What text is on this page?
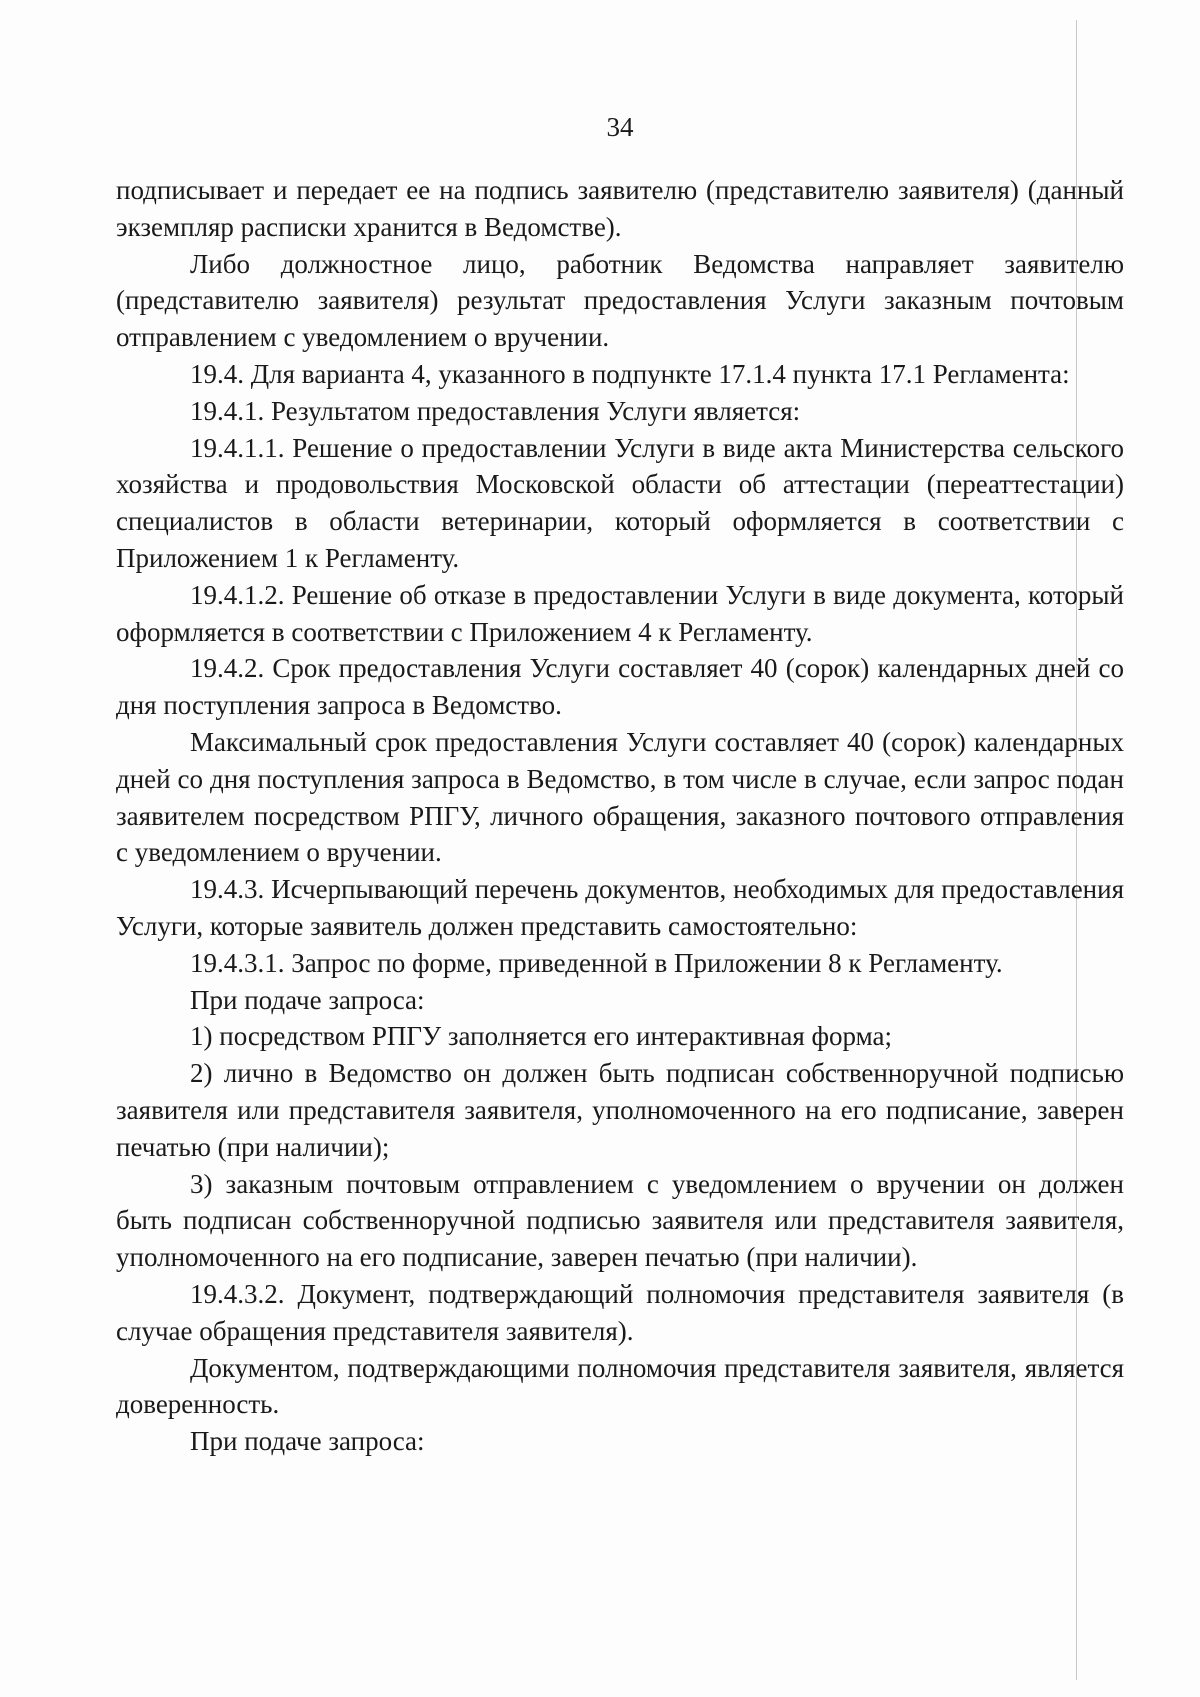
34

подписывает и передает ее на подпись заявителю (представителю заявителя) (данный экземпляр расписки хранится в Ведомстве).

Либо должностное лицо, работник Ведомства направляет заявителю (представителю заявителя) результат предоставления Услуги заказным почтовым отправлением с уведомлением о вручении.

19.4. Для варианта 4, указанного в подпункте 17.1.4 пункта 17.1 Регламента:

19.4.1. Результатом предоставления Услуги является:

19.4.1.1. Решение о предоставлении Услуги в виде акта Министерства сельского хозяйства и продовольствия Московской области об аттестации (переаттестации) специалистов в области ветеринарии, который оформляется в соответствии с Приложением 1 к Регламенту.

19.4.1.2. Решение об отказе в предоставлении Услуги в виде документа, который оформляется в соответствии с Приложением 4 к Регламенту.

19.4.2. Срок предоставления Услуги составляет 40 (сорок) календарных дней со дня поступления запроса в Ведомство.

Максимальный срок предоставления Услуги составляет 40 (сорок) календарных дней со дня поступления запроса в Ведомство, в том числе в случае, если запрос подан заявителем посредством РПГУ, личного обращения, заказного почтового отправления с уведомлением о вручении.

19.4.3. Исчерпывающий перечень документов, необходимых для предоставления Услуги, которые заявитель должен представить самостоятельно:

19.4.3.1. Запрос по форме, приведенной в Приложении 8 к Регламенту.

При подаче запроса:

1) посредством РПГУ заполняется его интерактивная форма;

2) лично в Ведомство он должен быть подписан собственноручной подписью заявителя или представителя заявителя, уполномоченного на его подписание, заверен печатью (при наличии);

3) заказным почтовым отправлением с уведомлением о вручении он должен быть подписан собственноручной подписью заявителя или представителя заявителя, уполномоченного на его подписание, заверен печатью (при наличии).

19.4.3.2. Документ, подтверждающий полномочия представителя заявителя (в случае обращения представителя заявителя).

Документом, подтверждающими полномочия представителя заявителя, является доверенность.

При подаче запроса:
